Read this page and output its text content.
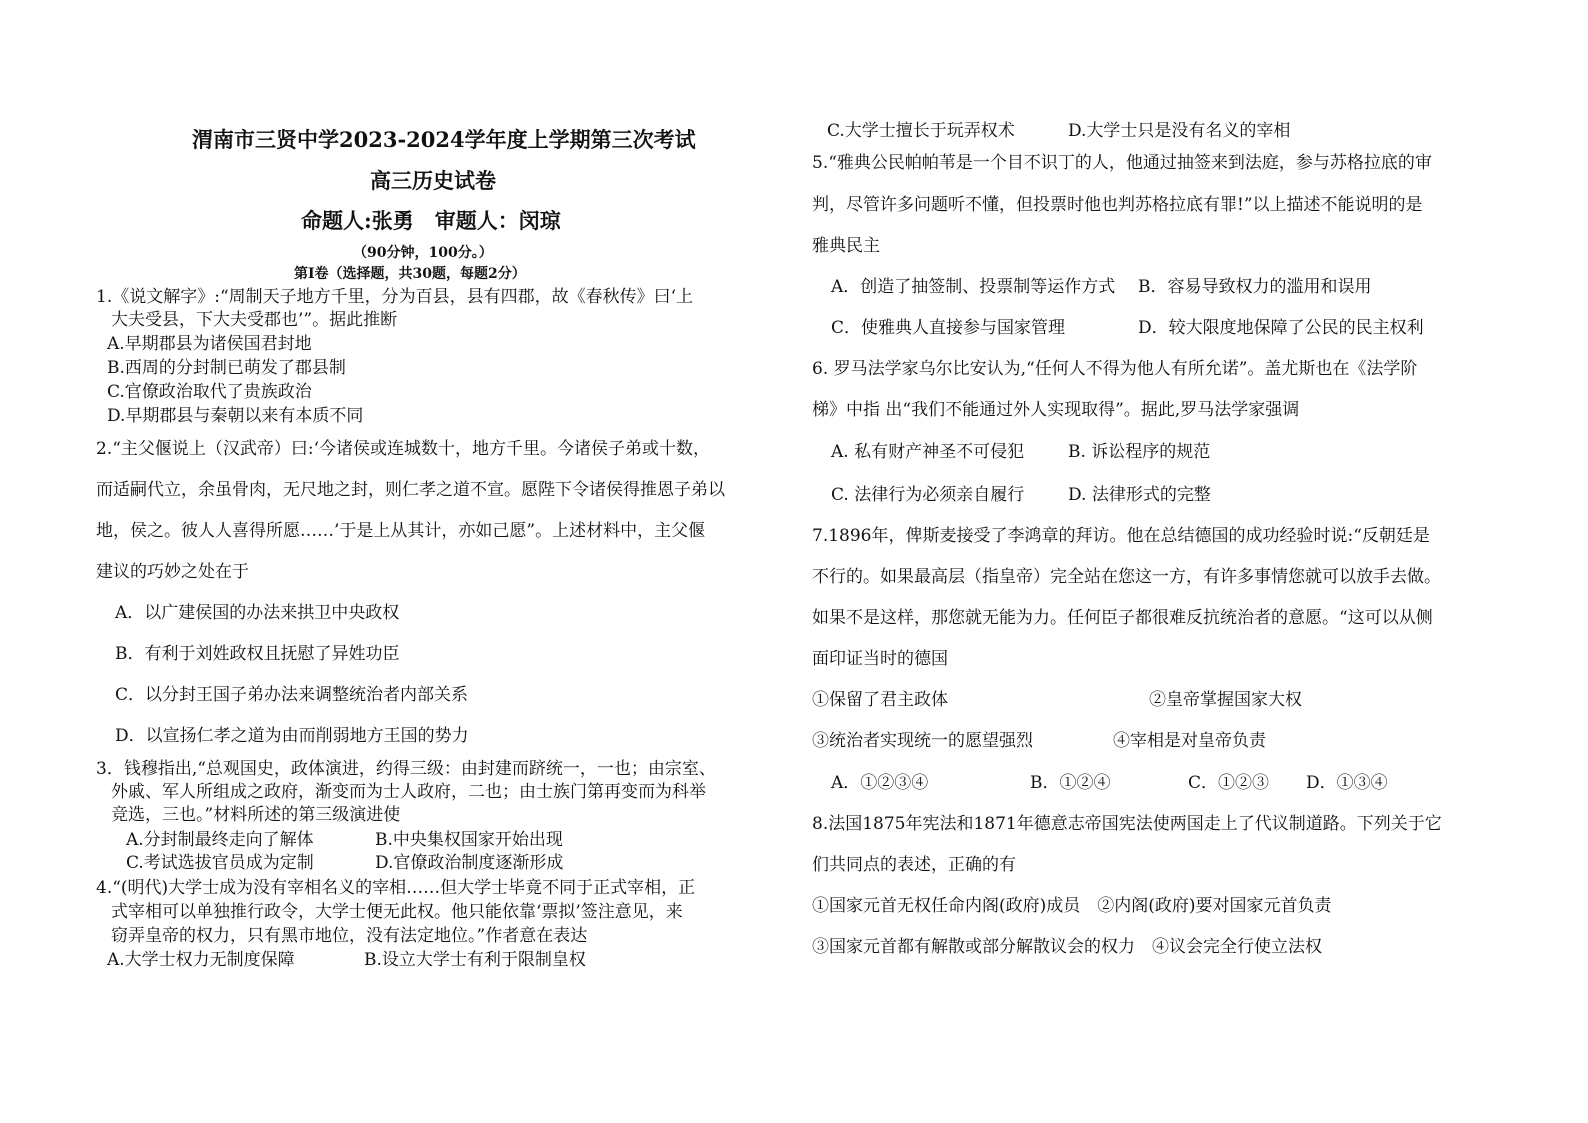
渭南市三贤中学2023-2024学年度上学期第三次考试
高三历史试卷
命题人:张勇　审题人：闵琼
（90分钟，100分。）
第Ⅰ卷（选择题，共30题，每题2分）
1.《说文解字》:“周制天子地方千里，分为百县，县有四郡，故《春秋传》曰‘上
大夫受县，下大夫受郡也’”。据此推断
A.早期郡县为诸侯国君封地
B.西周的分封制已萌发了郡县制
C.官僚政治取代了贵族政治
D.早期郡县与秦朝以来有本质不同
2.“主父偃说上（汉武帝）曰:‘今诸侯或连城数十，地方千里。今诸侯子弟或十数，
而适嗣代立，余虽骨肉，无尺地之封，则仁孝之道不宣。愿陛下令诸侯得推恩子弟以
地，侯之。彼人人喜得所愿……’于是上从其计，亦如己愿”。上述材料中，主父偃
建议的巧妙之处在于
A．以广建侯国的办法来拱卫中央政权
B．有利于刘姓政权且抚慰了异姓功臣
C．以分封王国子弟办法来调整统治者内部关系
D．以宣扬仁孝之道为由而削弱地方王国的势力
3．钱穆指出,“总观国史，政体演进，约得三级：由封建而跻统一，一也；由宗室、
外戚、军人所组成之政府，渐变而为士人政府，二也；由士族门第再变而为科举
竞选，三也。”材料所述的第三级演进使
A.分封制最终走向了解体	B.中央集权国家开始出现
C.考试选拔官员成为定制	D.官僚政治制度逐渐形成
4.“(明代)大学士成为没有宰相名义的宰相……但大学士毕竟不同于正式宰相，正
式宰相可以单独推行政令，大学士便无此权。他只能依靠‘票拟’签注意见，来
窃弄皇帝的权力，只有黑市地位，没有法定地位。”作者意在表达
A.大学士权力无制度保障	B.设立大学士有利于限制皇权
C.大学士擅长于玩弄权术	D.大学士只是没有名义的宰相
5.“雅典公民帕帕苇是一个目不识丁的人，他通过抽签来到法庭，参与苏格拉底的审
判，尽管许多问题听不懂，但投票时他也判苏格拉底有罪!”以上描述不能说明的是
雅典民主
A．创造了抽签制、投票制等运作方式 B．容易导致权力的滥用和误用
C．使雅典人直接参与国家管理	D．较大限度地保障了公民的民主权利
6. 罗马法学家乌尔比安认为,“任何人不得为他人有所允诺”。盖尤斯也在《法学阶
梯》中指 出“我们不能通过外人实现取得”。据此,罗马法学家强调
A. 私有财产神圣不可侵犯	B. 诉讼程序的规范
C. 法律行为必须亲自履行	D. 法律形式的完整
7.1896年，俾斯麦接受了李鸿章的拜访。他在总结德国的成功经验时说:“反朝廷是
不行的。如果最高层（指皇帝）完全站在您这一方，有许多事情您就可以放手去做。
如果不是这样，那您就无能为力。任何臣子都很难反抗统治者的意愿。“这可以从侧
面印证当时的德国
①保留了君主政体	②皇帝掌握国家大权
③统治者实现统一的愿望强烈	④宰相是对皇帝负责
A．①②③④	B．①②④	C．①②③ D．①③④
8.法国1875年宪法和1871年德意志帝国宪法使两国走上了代议制道路。下列关于它
们共同点的表述，正确的有
①国家元首无权任命内阁(政府)成员　②内阁(政府)要对国家元首负责
③国家元首都有解散或部分解散议会的权力　④议会完全行使立法权
